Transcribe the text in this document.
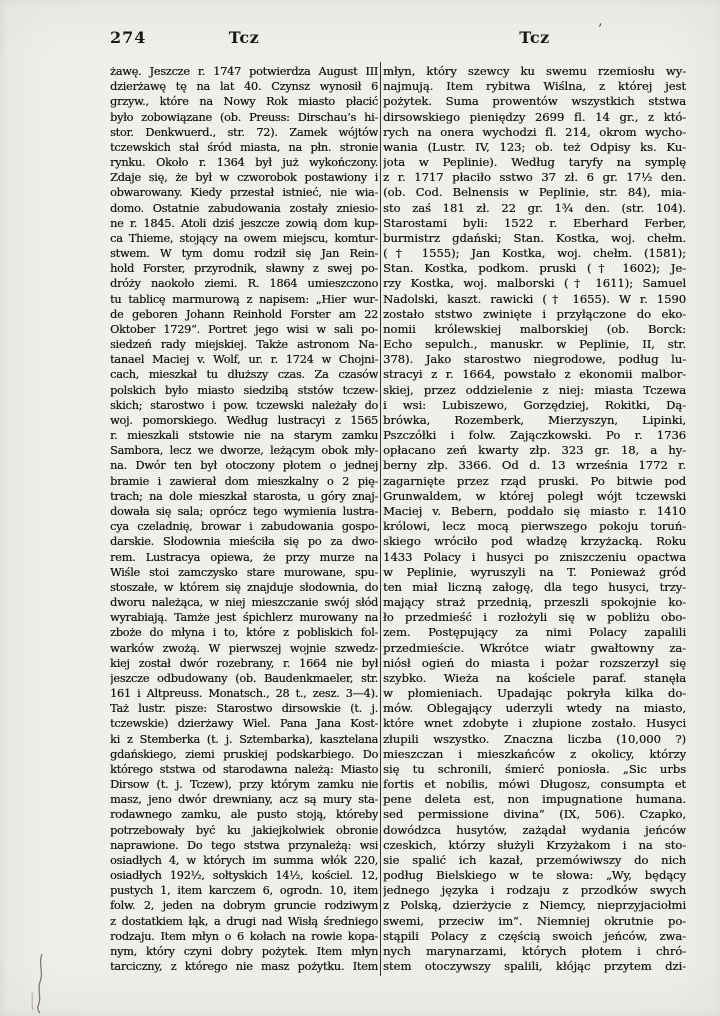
274	Tcz	Tcz	’
żawę. Jeszcze r. 1747 potwierdza August III
dzierżawę tę na lat 40. Czynsz wynosił 6
grzyw., które na Nowy Rok miasto płacić
było zobowiązane (ob. Preuss: Dirschau’s hi-
stor. Denkwuerd., str. 72). Zamek wójtów
tczewskich stał śród miasta, na płn. stronie
rynku. Około r. 1364 był już wykończony.
Zdaje się, że był w czworobok postawiony i
obwarowany. Kiedy przestał istnieć, nie wia-
domo. Ostatnie zabudowania zostały zniesio-
ne r. 1845. Atoli dziś jeszcze zowią dom kup-
ca Thieme, stojący na owem miejscu, komtur-
stwem. W tym domu rodził się Jan Rein-
hold Forster, przyrodnik, sławny z swej po-
dróży naokoło ziemi. R. 1864 umieszczono
tu tablicę marmurową z napisem: „Hier wur-
de geboren Johann Reinhold Forster am 22
Oktober 1729“. Portret jego wisi w sali po-
siedzeń rady miejskiej. Także astronom Na-
tanael Maciej v. Wolf, ur. r. 1724 w Chojni-
cach, mieszkał tu dłuższy czas. Za czasów
polskich było miasto siedzibą ststów tczew-
skich; starostwo i pow. tczewski należały do
woj. pomorskiego. Według lustracyi z 1565
r. mieszkali ststowie nie na starym zamku
Sambora, lecz we dworze, leżącym obok mły-
na. Dwór ten był otoczony płotem o jednej
bramie i zawierał dom mieszkalny o 2 pię-
trach; na dole mieszkał starosta, u góry znaj-
dowała się sala; oprócz tego wymienia lustra-
cya czeladnię, browar i zabudowania gospo-
darskie. Słodownia mieściła się po za dwo-
rem. Lustracya opiewa, że przy murze na
Wiśle stoi zamczysko stare murowane, spu-
stoszałe, w którem się znajduje słodownia, do
dworu należąca, w niej mieszczanie swój słód
wyrabiają. Tamże jest śpichlerz murowany na
zboże do młyna i to, które z pobliskich fol-
warków zwożą. W pierwszej wojnie szwedz-
kiej został dwór rozebrany, r. 1664 nie był
jeszcze odbudowany (ob. Baudenkmaeler, str.
161 i Altpreuss. Monatsch., 28 t., zesz. 3—4).
Taż lustr. pisze: Starostwo dirsowskie (t. j.
tczewskie) dzierżawy Wiel. Pana Jana Kost-
ki z Stemberka (t. j. Sztembarka), kasztelana
gdańskiego, ziemi pruskiej podskarbiego. Do
którego ststwa od starodawna należą: Miasto
Dirsow (t. j. Tczew), przy którym zamku nie
masz, jeno dwór drewniany, acz są mury sta-
rodawnego zamku, ale pusto stoją, któreby
potrzebowały być ku jakiejkolwiek obronie
naprawione. Do tego ststwa przynależą: wsi
osiadłych 4, w których im summa włók 220,
osiadłych 192½, sołtyskich 14½, kościel. 12,
pustych 1, item karczem 6, ogrodn. 10, item
folw. 2, jeden na dobrym gruncie rodziwym
z dostatkiem łąk, a drugi nad Wisłą średniego
rodzaju. Item młyn o 6 kołach na rowie kopa-
nym, który czyni dobry pożytek. Item młyn
tarciczny, z którego nie masz pożytku. Item
młyn, który szewcy ku swemu rzemiosłu wy-
najmują. Item rybitwa Wiślna, z której jest
pożytek. Suma prowentów wszystkich ststwa
dirsowskiego pieniędzy 2699 fl. 14 gr., z któ-
rych na onera wychodzi fl. 214, okrom wycho-
wania (Lustr. IV, 123; ob. też Odpisy ks. Ku-
jota w Peplinie). Według taryfy na symplę
z r. 1717 płaciło sstwo 37 zł. 6 gr. 17½ den.
(ob. Cod. Belnensis w Peplinie, str. 84), mia-
sto zaś 181 zł. 22 gr. 1¾ den. (str. 104).
Starostami byli: 1522 r. Eberhard Ferber,
burmistrz gdański; Stan. Kostka, woj. chełm.
(† 1555); Jan Kostka, woj. chełm. (1581);
Stan. Kostka, podkom. pruski († 1602); Je-
rzy Kostka, woj. malborski († 1611); Samuel
Nadolski, kaszt. rawicki († 1655). W r. 1590
zostało ststwo zwinięte i przyłączone do eko-
nomii królewskiej malborskiej (ob. Borck:
Echo sepulch., manuskr. w Peplinie, II, str.
378). Jako starostwo niegrodowe, podług lu-
stracyi z r. 1664, powstało z ekonomii malbor-
skiej, przez oddzielenie z niej: miasta Tczewa
i wsi: Lubiszewo, Gorzędziej, Rokitki, Dą-
brówka, Rozemberk, Mierzyszyn, Lipinki,
Pszczółki i folw. Zajączkowski. Po r. 1736
opłacano zeń kwarty złp. 323 gr. 18, a hy-
berny złp. 3366. Od d. 13 września 1772 r.
zagarnięte przez rząd pruski. Po bitwie pod
Grunwaldem, w której poległ wójt tczewski
Maciej v. Bebern, poddało się miasto r. 1410
królowi, lecz mocą pierwszego pokoju toruń-
skiego wróciło pod władzę krzyżacką. Roku
1433 Polacy i husyci po zniszczeniu opactwa
w Peplinie, wyruszyli na T. Ponieważ gród
ten miał liczną załogę, dla tego husyci, trzy-
mający straż przednią, przeszli spokojnie ko-
ło przedmieść i rozłożyli się w pobliżu obo-
zem. Postępujący za nimi Polacy zapalili
przedmieście. Wkrótce wiatr gwałtowny za-
niósł ogień do miasta i pożar rozszerzył się
szybko. Wieża na kościele paraf. stanęła
w płomieniach. Upadając pokryła kilka do-
mów. Oblegający uderzyli wtedy na miasto,
które wnet zdobyte i złupione zostało. Husyci
złupili wszystko. Znaczna liczba (10,000 ?)
mieszczan i mieszkańców z okolicy, którzy
się tu schronili, śmierć poniosła. „Sic urbs
fortis et nobilis, mówi Długosz, consumpta et
pene deleta est, non impugnatione humana.
sed permissione divina“ (IX, 506). Czapko,
dowódzca husytów, zażądał wydania jeńców
czeskich, którzy służyli Krzyżakom i na sto-
sie spalić ich kazał, przemówiwszy do nich
podług Bielskiego w te słowa: „Wy, będący
jednego języka i rodzaju z przodków swych
z Polską, dzierżycie z Niemcy, nieprzyjaciołmi
swemi, przeciw im“. Niemniej okrutnie po-
stąpili Polacy z częścią swoich jeńców, zwa-
nych marynarzami, których płotem i chró-
stem otoczywszy spalili, kłójąc przytem dzi-
